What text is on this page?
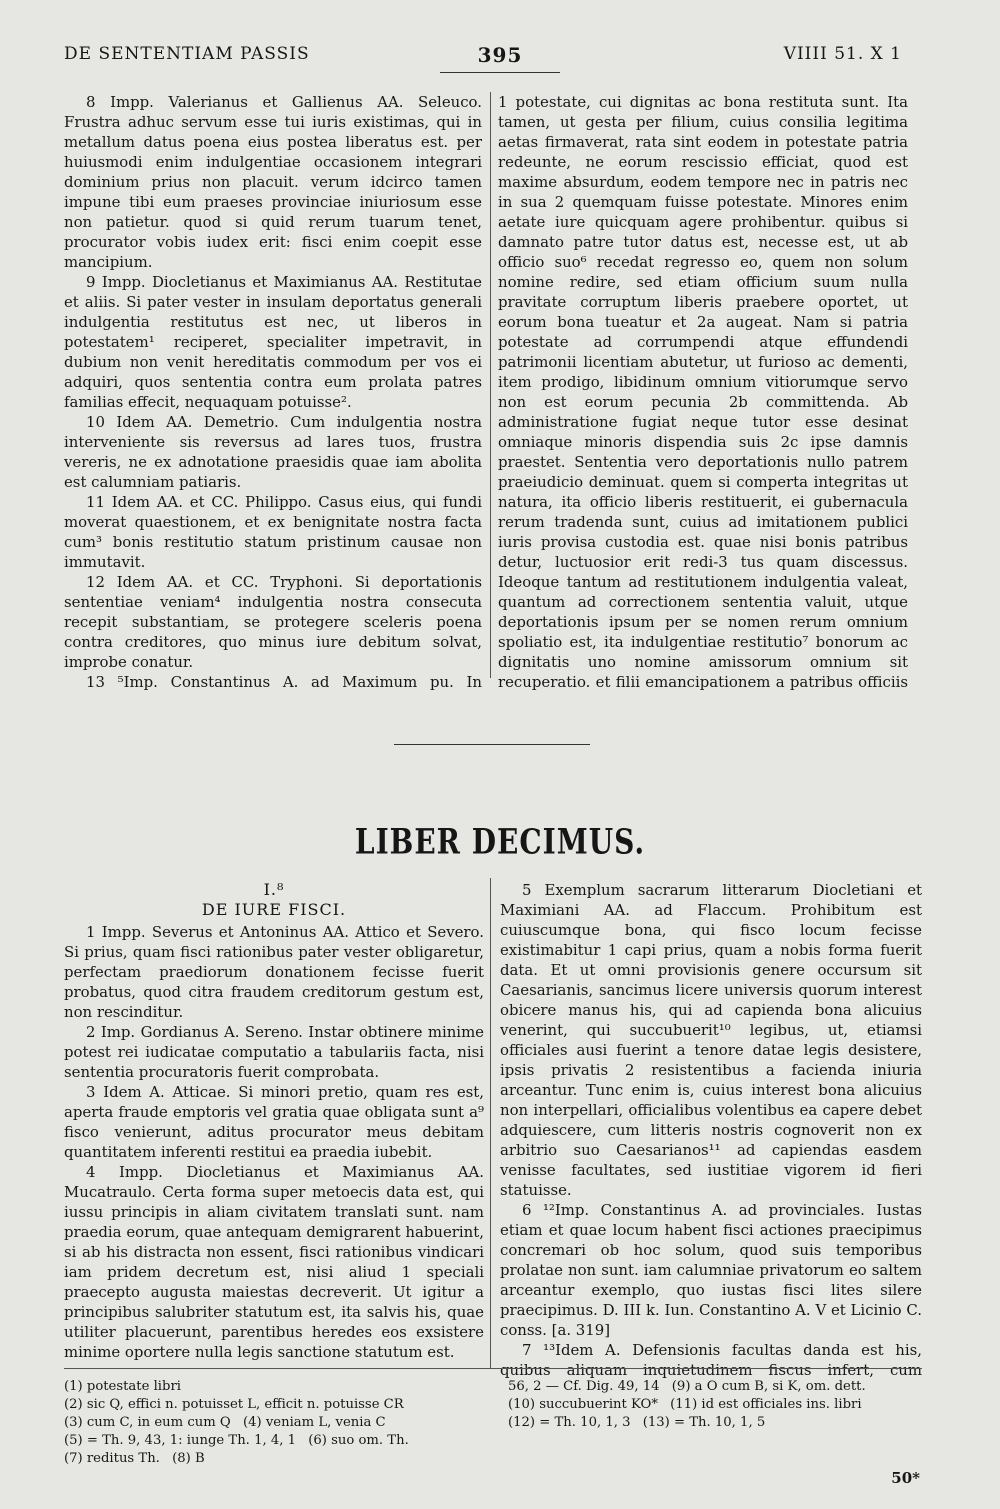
DE SENTENTIAM PASSIS	395	VIIII 51. X 1

8 Impp. Valerianus et Gallienus AA. Seleuco. Frustra adhuc servum esse tui iuris existimas, qui in metallum datus poena eius postea liberatus est. per huiusmodi enim indulgentiae occasionem integrari dominium prius non placuit. verum idcirco tamen impune tibi eum praeses provinciae iniuriosum esse non patietur. quod si quid rerum tuarum tenet, procurator vobis iudex erit: fisci enim coepit esse mancipium.

9 Impp. Diocletianus et Maximianus AA. Restitutae et aliis. Si pater vester in insulam deportatus generali indulgentia restitutus est nec, ut liberos in potestatem¹ reciperet, specialiter impetravit, in dubium non venit hereditatis commodum per vos ei adquiri, quos sententia contra eum prolata patres familias effecit, nequaquam potuisse².

10 Idem AA. Demetrio. Cum indulgentia nostra interveniente sis reversus ad lares tuos, frustra vereris, ne ex adnotatione praesidis quae iam abolita est calumniam patiaris.

11 Idem AA. et CC. Philippo. Casus eius, qui fundi moverat quaestionem, et ex benignitate nostra facta cum³ bonis restitutio statum pristinum causae non immutavit.

12 Idem AA. et CC. Tryphoni. Si deportationis sententiae veniam⁴ indulgentia nostra consecuta recepit substantiam, se protegere sceleris poena contra creditores, quo minus iure debitum solvat, improbe conatur.

13 ⁵Imp. Constantinus A. ad Maximum pu. In

1 potestate, cui dignitas ac bona restituta sunt. Ita tamen, ut gesta per filium, cuius consilia legitima aetas firmaverat, rata sint eodem in potestate patria redeunte, ne eorum rescissio efficiat, quod est maxime absurdum, eodem tempore nec in patris nec in sua 2 quemquam fuisse potestate. Minores enim aetate iure quicquam agere prohibentur. quibus si damnato patre tutor datus est, necesse est, ut ab officio suo⁶ recedat regresso eo, quem non solum nomine redire, sed etiam officium suum nulla pravitate corruptum liberis praebere oportet, ut eorum bona tueatur et 2a augeat. Nam si patria potestate ad corrumpendi atque effundendi patrimonii licentiam abutetur, ut furioso ac dementi, item prodigo, libidinum omnium vitiorumque servo non est eorum pecunia 2b committenda. Ab administratione fugiat neque tutor esse desinat omniaque minoris dispendia suis 2c ipse damnis praestet. Sententia vero deportationis nullo patrem praeiudicio deminuat. quem si comperta integritas ut natura, ita officio liberis restituerit, ei gubernacula rerum tradenda sunt, cuius ad imitationem publici iuris provisa custodia est. quae nisi bonis patribus detur, luctuosior erit redi-3 tus quam discessus. Ideoque tantum ad restitutionem indulgentia valeat, quantum ad correctionem sententia valuit, utque deportationis ipsum per se nomen rerum omnium spoliatio est, ita indulgentiae restitutio⁷ bonorum ac dignitatis uno nomine amissorum omnium sit recuperatio. et filii emancipationem a patribus officiis

LIBER DECIMUS.
I.⁸
DE IURE FISCI.

1 Impp. Severus et Antoninus AA. Attico et Severo. Si prius, quam fisci rationibus pater vester obligaretur, perfectam praediorum donationem fecisse fuerit probatus, quod citra fraudem creditorum gestum est, non rescinditur.

2 Imp. Gordianus A. Sereno. Instar obtinere minime potest rei iudicatae computatio a tabulariis facta, nisi sententia procuratoris fuerit comprobata.

3 Idem A. Atticae. Si minori pretio, quam res est, aperta fraude emptoris vel gratia quae obligata sunt a⁹ fisco venierunt, aditus procurator meus debitam quantitatem inferenti restitui ea praedia iubebit.

4 Impp. Diocletianus et Maximianus AA. Mucatraulo. Certa forma super metoecis data est, qui iussu principis in aliam civitatem translati sunt. nam praedia eorum, quae antequam demigrarent habuerint, si ab his distracta non essent, fisci rationibus vindicari iam pridem decretum est, nisi aliud 1 speciali praecepto augusta maiestas decreverit. Ut igitur a principibus salubriter statutum est, ita salvis his, quae utiliter placuerunt, parentibus heredes eos exsistere minime oportere nulla legis sanctione statutum est.

5 Exemplum sacrarum litterarum Diocletiani et Maximiani AA. ad Flaccum. Prohibitum est cuiuscumque bona, qui fisco locum fecisse existimabitur 1 capi prius, quam a nobis forma fuerit data. Et ut omni provisionis genere occursum sit Caesarianis, sancimus licere universis quorum interest obicere manus his, qui ad capienda bona alicuius venerint, qui succubuerit¹⁰ legibus, ut, etiamsi officiales ausi fuerint a tenore datae legis desistere, ipsis privatis 2 resistentibus a facienda iniuria arceantur. Tunc enim is, cuius interest bona alicuius non interpellari, officialibus volentibus ea capere debet adquiescere, cum litteris nostris cognoverit non ex arbitrio suo Caesarianos¹¹ ad capiendas easdem venisse facultates, sed iustitiae vigorem id fieri statuisse.

6 ¹²Imp. Constantinus A. ad provinciales. Iustas etiam et quae locum habent fisci actiones praecipimus concremari ob hoc solum, quod suis temporibus prolatae non sunt. iam calumniae privatorum eo saltem arceantur exemplo, quo iustas fisci lites silere praecipimus. D. III k. Iun. Constantino A. V et Licinio C. conss. [a. 319]

7 ¹³Idem A. Defensionis facultas danda est his, quibus aliquam inquietudinem fiscus infert, cum

(1) potestate libri (2) sic Q, effici n. potuisset L, efficit n. potuisse CR (3) cum C, in eum cum Q (4) veniam L, venia C (5) = Th. 9, 43, 1: iunge Th. 1, 4, 1 (6) suo om. Th. (7) reditus Th. (8) B
56, 2 — Cf. Dig. 49, 14 (9) a O cum B, si K, om. dett. (10) succubuerint KO* (11) id est officiales ins. libri (12) = Th. 10, 1, 3 (13) = Th. 10, 1, 5
50*
